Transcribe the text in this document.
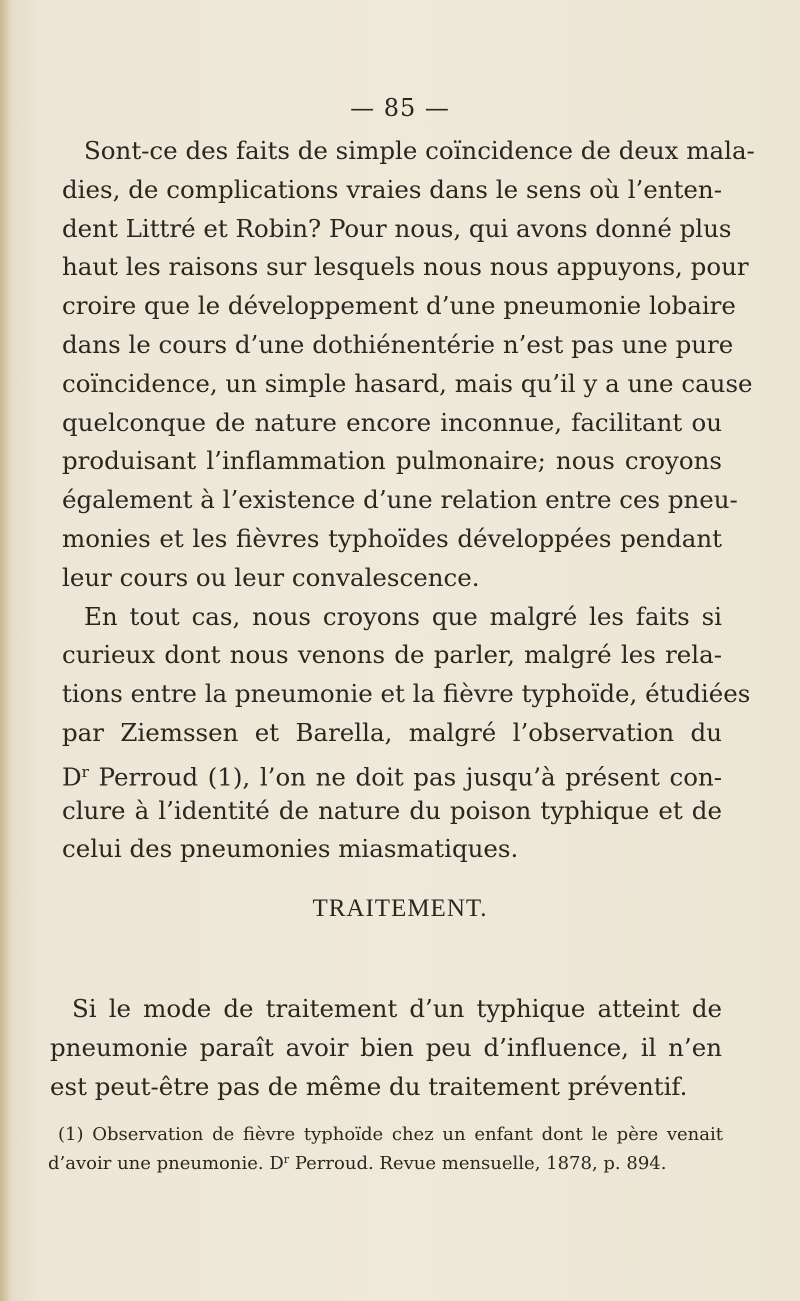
— 85 —
Sont-ce des faits de simple coïncidence de deux mala-
dies, de complications vraies dans le sens où l’enten-
dent Littré et Robin? Pour nous, qui avons donné plus
haut les raisons sur lesquels nous nous appuyons, pour
croire que le développement d’une pneumonie lobaire
dans le cours d’une dothiénentérie n’est pas une pure
coïncidence, un simple hasard, mais qu’il y a une cause
quelconque de nature encore inconnue, facilitant ou
produisant l’inflammation pulmonaire; nous croyons
également à l’existence d’une relation entre ces pneu-
monies et les fièvres typhoïdes développées pendant
leur cours ou leur convalescence.
En tout cas, nous croyons que malgré les faits si
curieux dont nous venons de parler, malgré les rela-
tions entre la pneumonie et la fièvre typhoïde, étudiées
par Ziemssen et Barella, malgré l’observation du
$D^r$ Perroud (1), l’on ne doit pas jusqu’à présent con-
clure à l’identité de nature du poison typhique et de
celui des pneumonies miasmatiques.
TRAITEMENT.
Si le mode de traitement d’un typhique atteint de
pneumonie paraît avoir bien peu d’influence, il n’en
est peut-être pas de même du traitement préventif.
(1) Observation de fièvre typhoïde chez un enfant dont le père venait
d’avoir une pneumonie. $D^r$ Perroud. Revue mensuelle, 1878, p. 894.
